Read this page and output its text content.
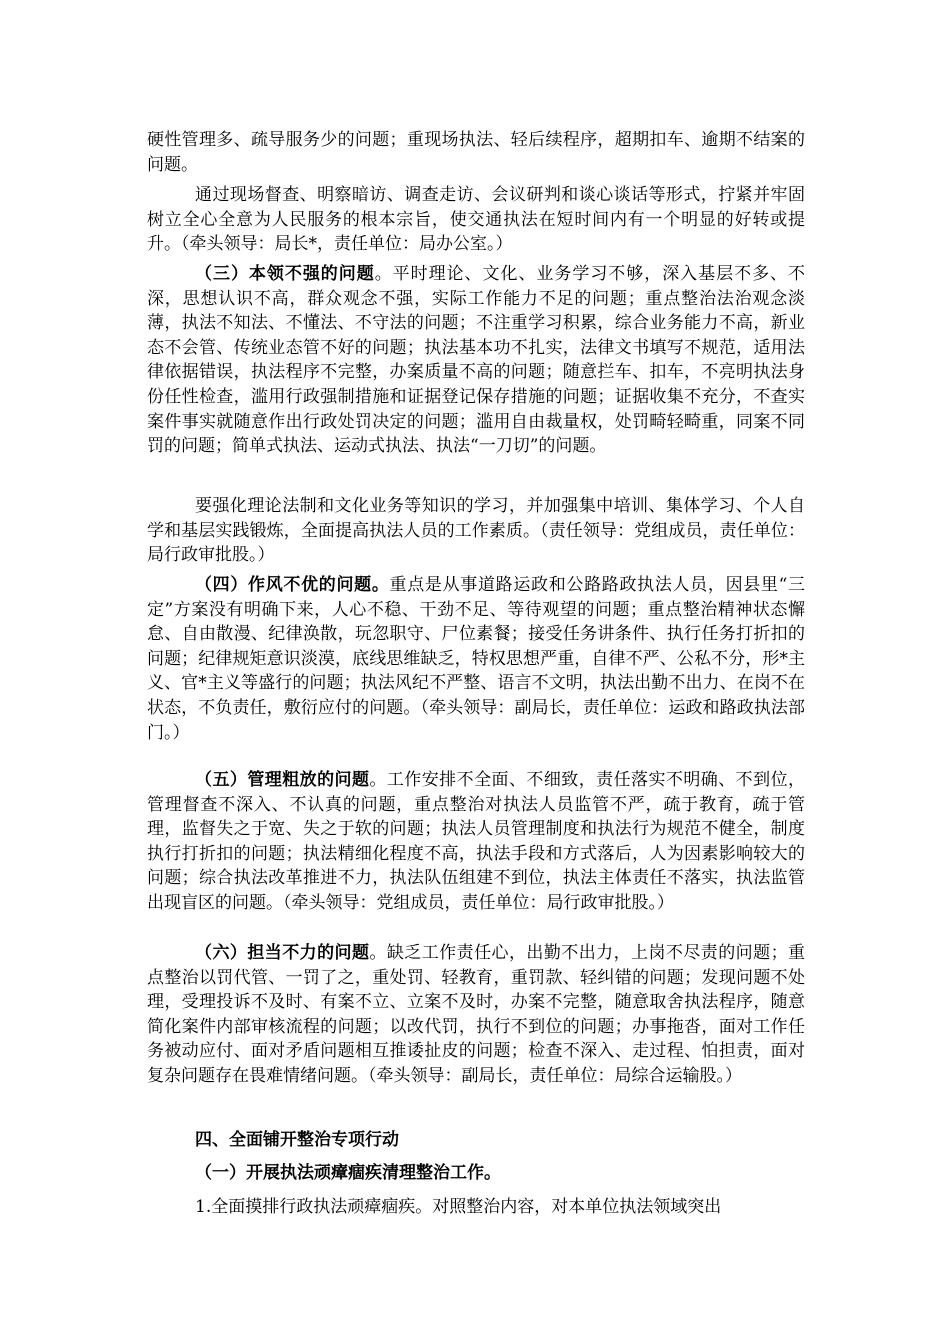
硬性管理多、疏导服务少的问题；重现场执法、轻后续程序，超期扣车、逾期不结案的问题。

通过现场督查、明察暗访、调查走访、会议研判和谈心谈话等形式，拧紧并牢固树立全心全意为人民服务的根本宗旨，使交通执法在短时间内有一个明显的好转或提升。（牵头领导：局长*，责任单位：局办公室。）

（三）本领不强的问题。平时理论、文化、业务学习不够，深入基层不多、不深，思想认识不高，群众观念不强，实际工作能力不足的问题；重点整治法治观念淡薄，执法不知法、不懂法、不守法的问题；不注重学习积累，综合业务能力不高，新业态不会管、传统业态管不好的问题；执法基本功不扎实，法律文书填写不规范，适用法律依据错误，执法程序不完整，办案质量不高的问题；随意拦车、扣车，不亮明执法身份任性检查，滥用行政强制措施和证据登记保存措施的问题；证据收集不充分，不查实案件事实就随意作出行政处罚决定的问题；滥用自由裁量权，处罚畸轻畸重，同案不同罚的问题；简单式执法、运动式执法、执法“一刀切”的问题。

要强化理论法制和文化业务等知识的学习，并加强集中培训、集体学习、个人自学和基层实践锻炼，全面提高执法人员的工作素质。（责任领导：党组成员，责任单位：局行政审批股。）

（四）作风不优的问题。重点是从事道路运政和公路路政执法人员，因县里“三定”方案没有明确下来，人心不稳、干劲不足、等待观望的问题；重点整治精神状态懈怠、自由散漫、纪律涣散，玩忽职守、尸位素餐；接受任务讲条件、执行任务打折扣的问题；纪律规矩意识淡漠，底线思维缺乏，特权思想严重，自律不严、公私不分，形*主义、官*主义等盛行的问题；执法风纪不严整、语言不文明，执法出勤不出力、在岗不在状态，不负责任，敷衍应付的问题。（牵头领导：副局长，责任单位：运政和路政执法部门。）

（五）管理粗放的问题。工作安排不全面、不细致，责任落实不明确、不到位，管理督查不深入、不认真的问题，重点整治对执法人员监管不严，疏于教育，疏于管理，监督失之于宽、失之于软的问题；执法人员管理制度和执法行为规范不健全，制度执行打折扣的问题；执法精细化程度不高，执法手段和方式落后，人为因素影响较大的问题；综合执法改革推进不力，执法队伍组建不到位，执法主体责任不落实，执法监管出现盲区的问题。（牵头领导：党组成员，责任单位：局行政审批股。）

（六）担当不力的问题。缺乏工作责任心，出勤不出力，上岗不尽责的问题；重点整治以罚代管、一罚了之，重处罚、轻教育，重罚款、轻纠错的问题；发现问题不处理，受理投诉不及时、有案不立、立案不及时，办案不完整，随意取舍执法程序，随意简化案件内部审核流程的问题；以改代罚，执行不到位的问题；办事拖沓，面对工作任务被动应付、面对矛盾问题相互推诿扯皮的问题；检查不深入、走过程、怕担责，面对复杂问题存在畏难情绪问题。（牵头领导：副局长，责任单位：局综合运输股。）

四、全面铺开整治专项行动

（一）开展执法顽瘴痼疾清理整治工作。

1.全面摸排行政执法顽瘴痼疾。对照整治内容，对本单位执法领域突出
